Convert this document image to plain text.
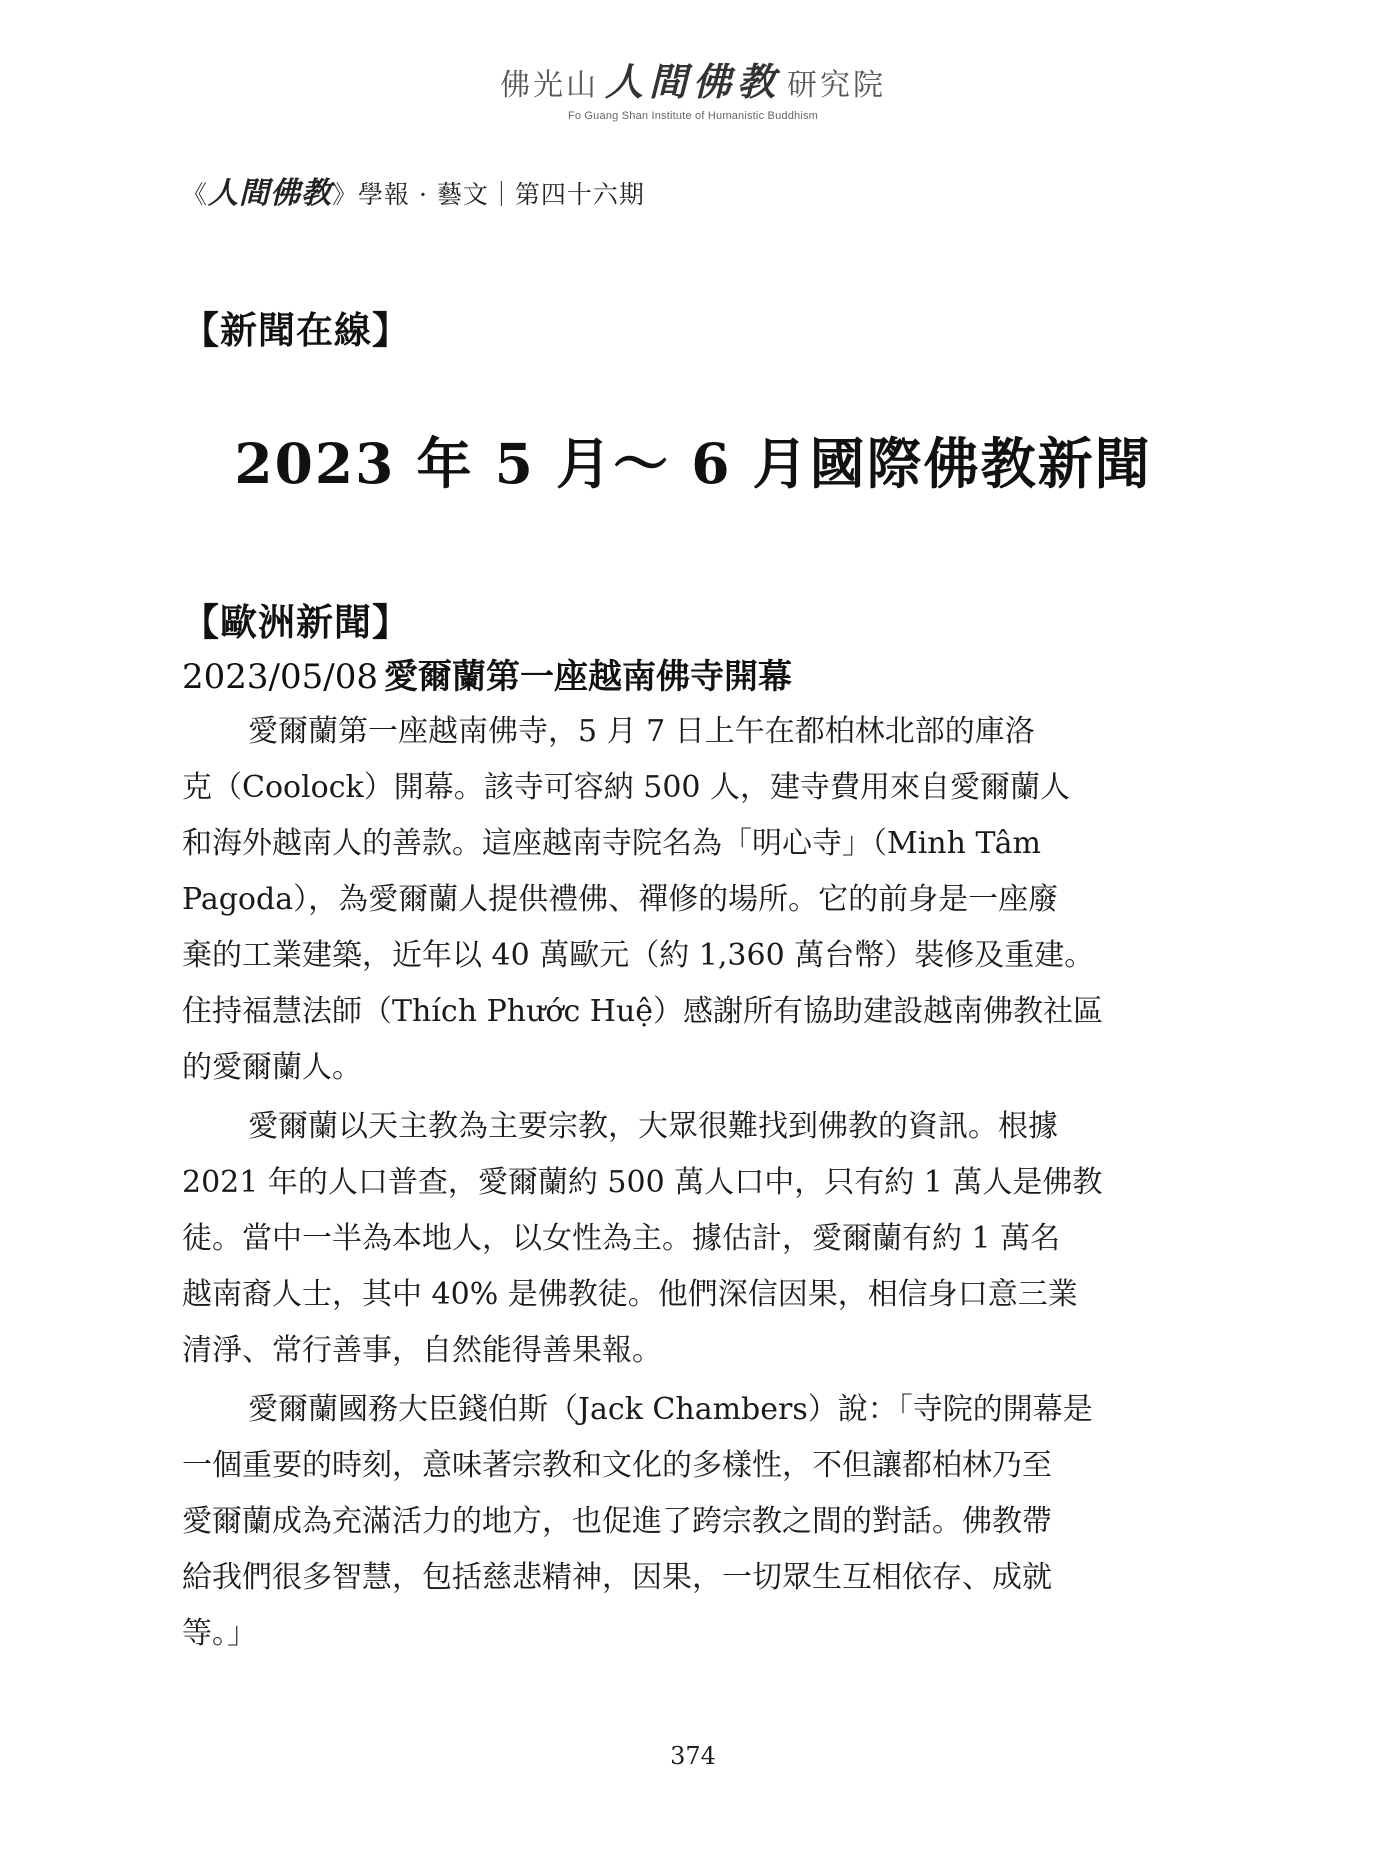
佛光山 人間佛教 研究院
Fo Guang Shan Institute of Humanistic Buddhism
《人間佛教》學報 · 藝文｜第四十六期
【新聞在線】
2023 年 5 月～ 6 月國際佛教新聞
【歐洲新聞】
2023/05/08 愛爾蘭第一座越南佛寺開幕

愛爾蘭第一座越南佛寺，5 月 7 日上午在都柏林北部的庫洛
克（Coolock）開幕。該寺可容納 500 人，建寺費用來自愛爾蘭人
和海外越南人的善款。這座越南寺院名為「明心寺」（Minh Tâm
Pagoda），為愛爾蘭人提供禮佛、禪修的場所。它的前身是一座廢
棄的工業建築，近年以 40 萬歐元（約 1,360 萬台幣）裝修及重建。
住持福慧法師（Thích Phước Huệ）感謝所有協助建設越南佛教社區
的愛爾蘭人。

愛爾蘭以天主教為主要宗教，大眾很難找到佛教的資訊。根據
2021 年的人口普查，愛爾蘭約 500 萬人口中，只有約 1 萬人是佛教
徒。當中一半為本地人，以女性為主。據估計，愛爾蘭有約 1 萬名
越南裔人士，其中 40% 是佛教徒。他們深信因果，相信身口意三業
清淨、常行善事，自然能得善果報。

愛爾蘭國務大臣錢伯斯（Jack Chambers）說：「寺院的開幕是
一個重要的時刻，意味著宗教和文化的多樣性，不但讓都柏林乃至
愛爾蘭成為充滿活力的地方，也促進了跨宗教之間的對話。佛教帶
給我們很多智慧，包括慈悲精神，因果，一切眾生互相依存、成就
等。」

374
